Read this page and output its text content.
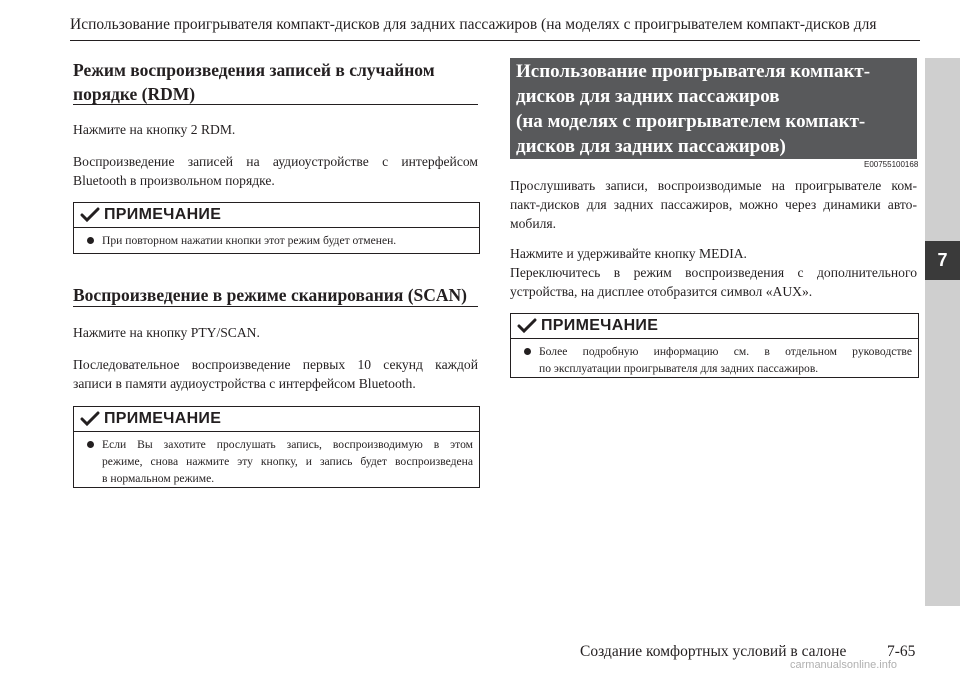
Использование проигрывателя компакт-дисков для задних пассажиров (на моделях с проигрывателем компакт-дисков для
7
Режим воспроизведения записей в случайном
порядке (RDM)
Нажмите на кнопку 2 RDM.
Воспроизведение записей на аудиоустройстве с интерфейсом
Bluetooth в произвольном порядке.
ПРИМЕЧАНИЕ
При повторном нажатии кнопки этот режим будет отменен.
Воспроизведение в режиме сканирования (SCAN)
Нажмите на кнопку PTY/SCAN.
Последовательное воспроизведение первых 10 секунд каждой
записи в памяти аудиоустройства с интерфейсом Bluetooth.
ПРИМЕЧАНИЕ
Если Вы захотите прослушать запись, воспроизводимую в этом
режиме, снова нажмите эту кнопку, и запись будет воспроизведена
в нормальном режиме.
Использование проигрывателя компакт-
дисков для задних пассажиров
(на моделях с проигрывателем компакт-
дисков для задних пассажиров)
E00755100168
Прослушивать записи, воспроизводимые на проигрывателе ком-
пакт-дисков для задних пассажиров, можно через динамики авто-
мобиля.
Нажмите и удерживайте кнопку MEDIA.
Переключитесь в режим воспроизведения с дополнительного
устройства, на дисплее отобразится символ «AUX».
ПРИМЕЧАНИЕ
Более подробную информацию см. в отдельном руководстве
по эксплуатации проигрывателя для задних пассажиров.
Создание комфортных условий в салоне	7-65
carmanualsonline.info
